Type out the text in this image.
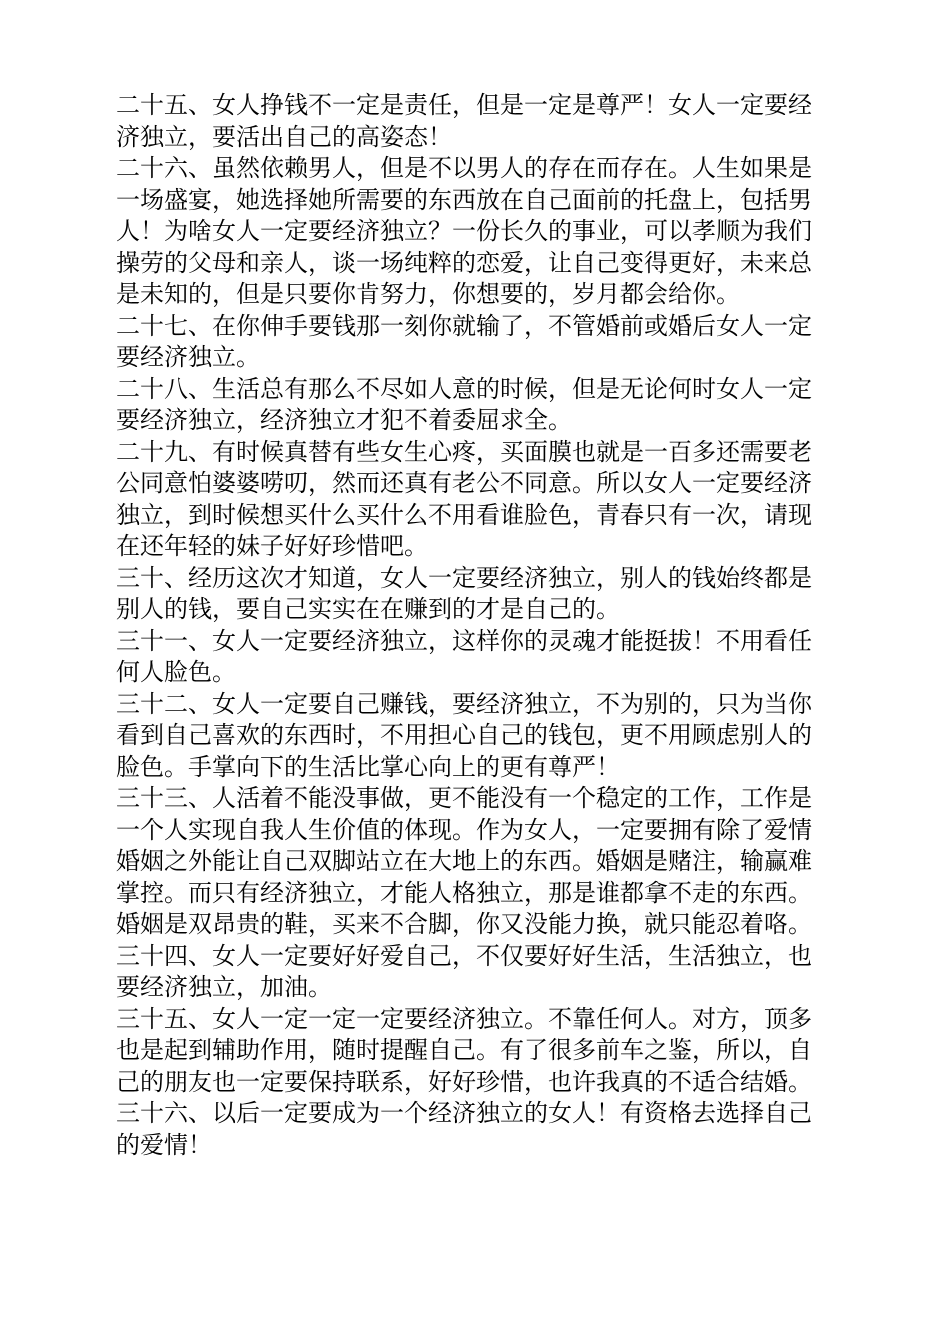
二十五、女人挣钱不一定是责任，但是一定是尊严！女人一定要经济独立，要活出自己的高姿态！

二十六、虽然依赖男人，但是不以男人的存在而存在。人生如果是一场盛宴，她选择她所需要的东西放在自己面前的托盘上，包括男人！为啥女人一定要经济独立？一份长久的事业，可以孝顺为我们操劳的父母和亲人，谈一场纯粹的恋爱，让自己变得更好，未来总是未知的，但是只要你肯努力，你想要的，岁月都会给你。

二十七、在你伸手要钱那一刻你就输了，不管婚前或婚后女人一定要经济独立。

二十八、生活总有那么不尽如人意的时候，但是无论何时女人一定要经济独立，经济独立才犯不着委屈求全。

二十九、有时候真替有些女生心疼，买面膜也就是一百多还需要老公同意怕婆婆唠叨，然而还真有老公不同意。所以女人一定要经济独立，到时候想买什么买什么不用看谁脸色，青春只有一次，请现在还年轻的妹子好好珍惜吧。

三十、经历这次才知道，女人一定要经济独立，别人的钱始终都是别人的钱，要自己实实在在赚到的才是自己的。

三十一、女人一定要经济独立，这样你的灵魂才能挺拔！不用看任何人脸色。

三十二、女人一定要自己赚钱，要经济独立，不为别的，只为当你看到自己喜欢的东西时，不用担心自己的钱包，更不用顾虑别人的脸色。手掌向下的生活比掌心向上的更有尊严！

三十三、人活着不能没事做，更不能没有一个稳定的工作，工作是一个人实现自我人生价值的体现。作为女人，一定要拥有除了爱情婚姻之外能让自己双脚站立在大地上的东西。婚姻是赌注，输赢难掌控。而只有经济独立，才能人格独立，那是谁都拿不走的东西。婚姻是双昂贵的鞋，买来不合脚，你又没能力换，就只能忍着咯。

三十四、女人一定要好好爱自己，不仅要好好生活，生活独立，也要经济独立，加油。

三十五、女人一定一定一定要经济独立。不靠任何人。对方，顶多也是起到辅助作用，随时提醒自己。有了很多前车之鉴，所以，自己的朋友也一定要保持联系，好好珍惜，也许我真的不适合结婚。

三十六、以后一定要成为一个经济独立的女人！有资格去选择自己的爱情！
